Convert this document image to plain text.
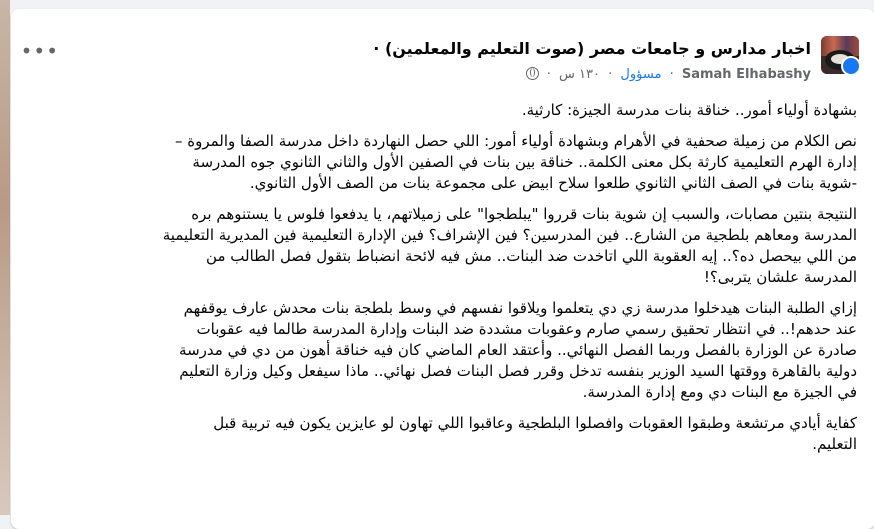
اخبار مدارس و جامعات مصر (صوت التعليم والمعلمين) ·
Samah Elhabashy · مسؤول · ١٣٠ س ·
•••
بشهادة أولياء أمور.. خناقة بنات مدرسة الجيزة: كارثية.
نص الكلام من زميلة صحفية في الأهرام وبشهادة أولياء أمور: اللي حصل النهاردة داخل مدرسة الصفا والمروة –
إدارة الهرم التعليمية كارثة بكل معنى الكلمة.. خناقة بين بنات في الصفين الأول والثاني الثانوي جوه المدرسة
-شوية بنات في الصف الثاني الثانوي طلعوا سلاح ابيض على مجموعة بنات من الصف الأول الثانوي.
النتيجة بنتين مصابات، والسبب إن شوية بنات قرروا "يبلطجوا" على زميلاتهم، يا يدفعوا فلوس يا يستنوهم بره
المدرسة ومعاهم بلطجية من الشارع.. فين المدرسين؟ فين الإشراف؟ فين الإدارة التعليمية فين المديرية التعليمية
من اللي بيحصل ده؟.. إيه العقوبة اللي اتاخدت ضد البنات.. مش فيه لائحة انضباط بتقول فصل الطالب من
المدرسة علشان يتربى؟!
إزاي الطلبة البنات هيدخلوا مدرسة زي دي يتعلموا ويلاقوا نفسهم في وسط بلطجة بنات محدش عارف يوقفهم
عند حدهم!.. في انتظار تحقيق رسمي صارم وعقوبات مشددة ضد البنات وإدارة المدرسة طالما فيه عقوبات
صادرة عن الوزارة بالفصل وربما الفصل النهائي.. وأعتقد العام الماضي كان فيه خناقة أهون من دي في مدرسة
دولية بالقاهرة ووقتها السيد الوزير بنفسه تدخل وقرر فصل البنات فصل نهائي.. ماذا سيفعل وكيل وزارة التعليم
في الجيزة مع البنات دي ومع إدارة المدرسة.
كفاية أيادي مرتشعة وطبقوا العقوبات وافصلوا البلطجية وعاقبوا اللي تهاون لو عايزين يكون فيه تربية قبل
التعليم.
